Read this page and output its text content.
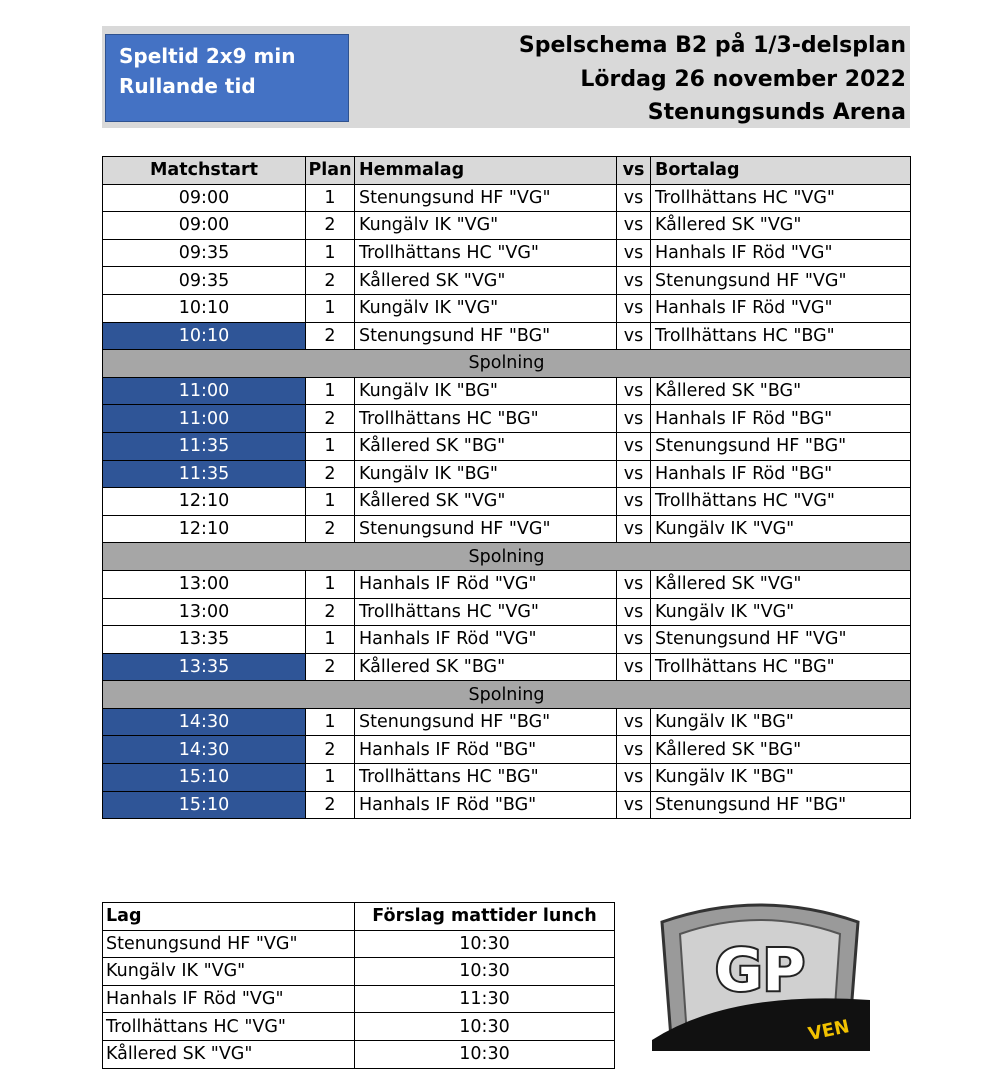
Speltid 2x9 min
Rullande tid
Spelschema B2 på 1/3-delsplan
Lördag 26 november 2022
Stenungsunds Arena
Matchstart	Plan	Hemmalag	vs	Bortalag
09:00	1	Stenungsund HF "VG"	vs	Trollhättans HC "VG"
09:00	2	Kungälv IK "VG"	vs	Kållered SK "VG"
09:35	1	Trollhättans HC "VG"	vs	Hanhals IF Röd "VG"
09:35	2	Kållered SK "VG"	vs	Stenungsund HF "VG"
10:10	1	Kungälv IK "VG"	vs	Hanhals IF Röd "VG"
10:10	2	Stenungsund HF "BG"	vs	Trollhättans HC "BG"
Spolning				
11:00	1	Kungälv IK "BG"	vs	Kållered SK "BG"
11:00	2	Trollhättans HC "BG"	vs	Hanhals IF Röd "BG"
11:35	1	Kållered SK "BG"	vs	Stenungsund HF "BG"
11:35	2	Kungälv IK "BG"	vs	Hanhals IF Röd "BG"
12:10	1	Kållered SK "VG"	vs	Trollhättans HC "VG"
12:10	2	Stenungsund HF "VG"	vs	Kungälv IK "VG"
Spolning				
13:00	1	Hanhals IF Röd "VG"	vs	Kållered SK "VG"
13:00	2	Trollhättans HC "VG"	vs	Kungälv IK "VG"
13:35	1	Hanhals IF Röd "VG"	vs	Stenungsund HF "VG"
13:35	2	Kållered SK "BG"	vs	Trollhättans HC "BG"
Spolning				
14:30	1	Stenungsund HF "BG"	vs	Kungälv IK "BG"
14:30	2	Hanhals IF Röd "BG"	vs	Kållered SK "BG"
15:10	1	Trollhättans HC "BG"	vs	Kungälv IK "BG"
15:10	2	Hanhals IF Röd "BG"	vs	Stenungsund HF "BG"
Lag	Förslag mattider lunch
Stenungsund HF "VG"	10:30
Kungälv IK "VG"	10:30
Hanhals IF Röd "VG"	11:30
Trollhättans HC "VG"	10:30
Kållered SK "VG"	10:30
GP
VEN
